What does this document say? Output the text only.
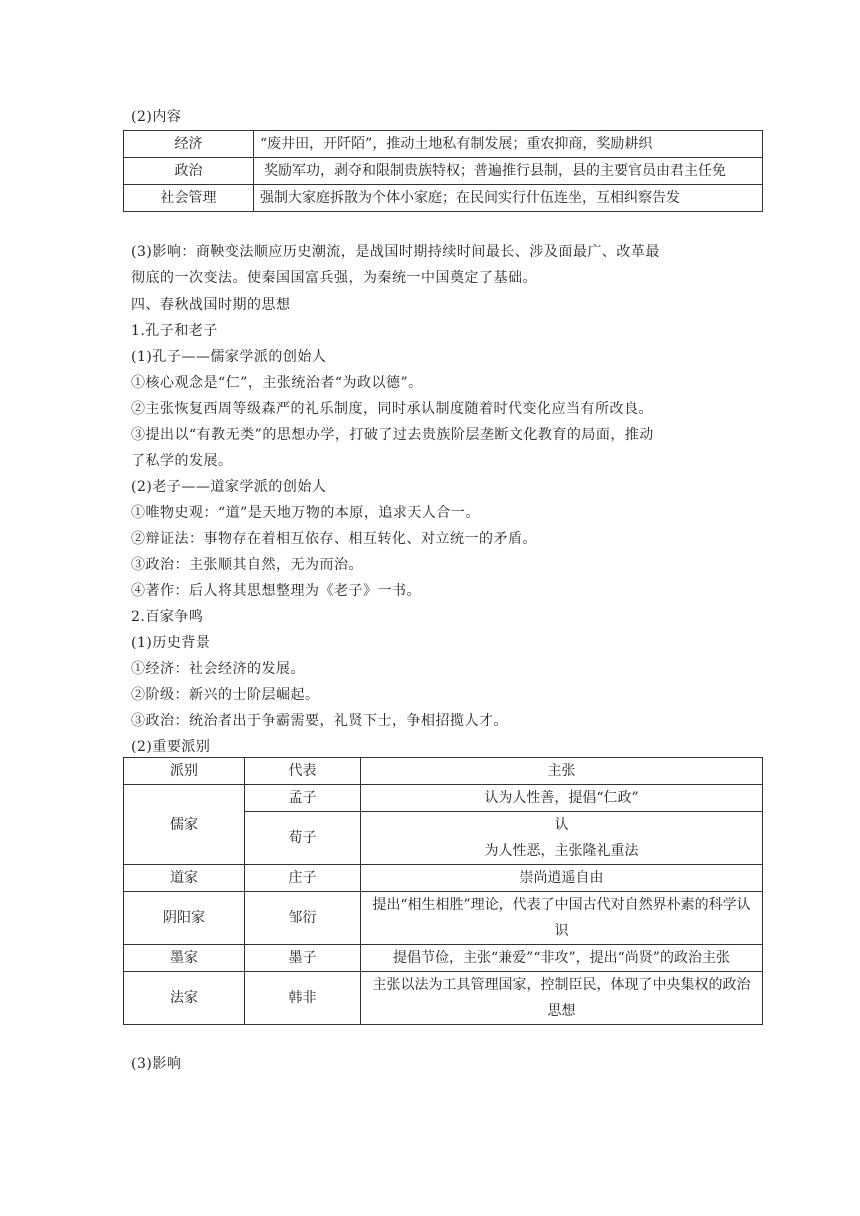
(2)内容
经济	“废井田，开阡陌”，推动土地私有制发展；重农抑商，奖励耕织
政治	奖励军功，剥夺和限制贵族特权；普遍推行县制，县的主要官员由君主任免
社会管理	强制大家庭拆散为个体小家庭；在民间实行什伍连坐，互相纠察告发
(3)影响：商鞅变法顺应历史潮流，是战国时期持续时间最长、涉及面最广、改革最
彻底的一次变法。使秦国国富兵强，为秦统一中国奠定了基础。
四、春秋战国时期的思想
1.孔子和老子
(1)孔子——儒家学派的创始人
①核心观念是“仁”，主张统治者“为政以德”。
②主张恢复西周等级森严的礼乐制度，同时承认制度随着时代变化应当有所改良。
③提出以“有教无类”的思想办学，打破了过去贵族阶层垄断文化教育的局面，推动
了私学的发展。
(2)老子——道家学派的创始人
①唯物史观：“道”是天地万物的本原，追求天人合一。
②辩证法：事物存在着相互依存、相互转化、对立统一的矛盾。
③政治：主张顺其自然，无为而治。
④著作：后人将其思想整理为《老子》一书。
2.百家争鸣
(1)历史背景
①经济：社会经济的发展。
②阶级：新兴的士阶层崛起。
③政治：统治者出于争霸需要，礼贤下士，争相招揽人才。
(2)重要派别
派别	代表	主张
儒家	孟子	认为人性善，提倡“仁政”
	荀子	认
为人性恶，主张隆礼重法

道家	庄子	崇尚逍遥自由
阴阳家	邹衍	提出“相生相胜”理论，代表了中国古代对自然界朴素的科学认识
墨家	墨子	提倡节俭，主张“兼爱”“非攻”，提出“尚贤”的政治主张
法家	韩非	主张以法为工具管理国家，控制臣民，体现了中央集权的政治思想
(3)影响
